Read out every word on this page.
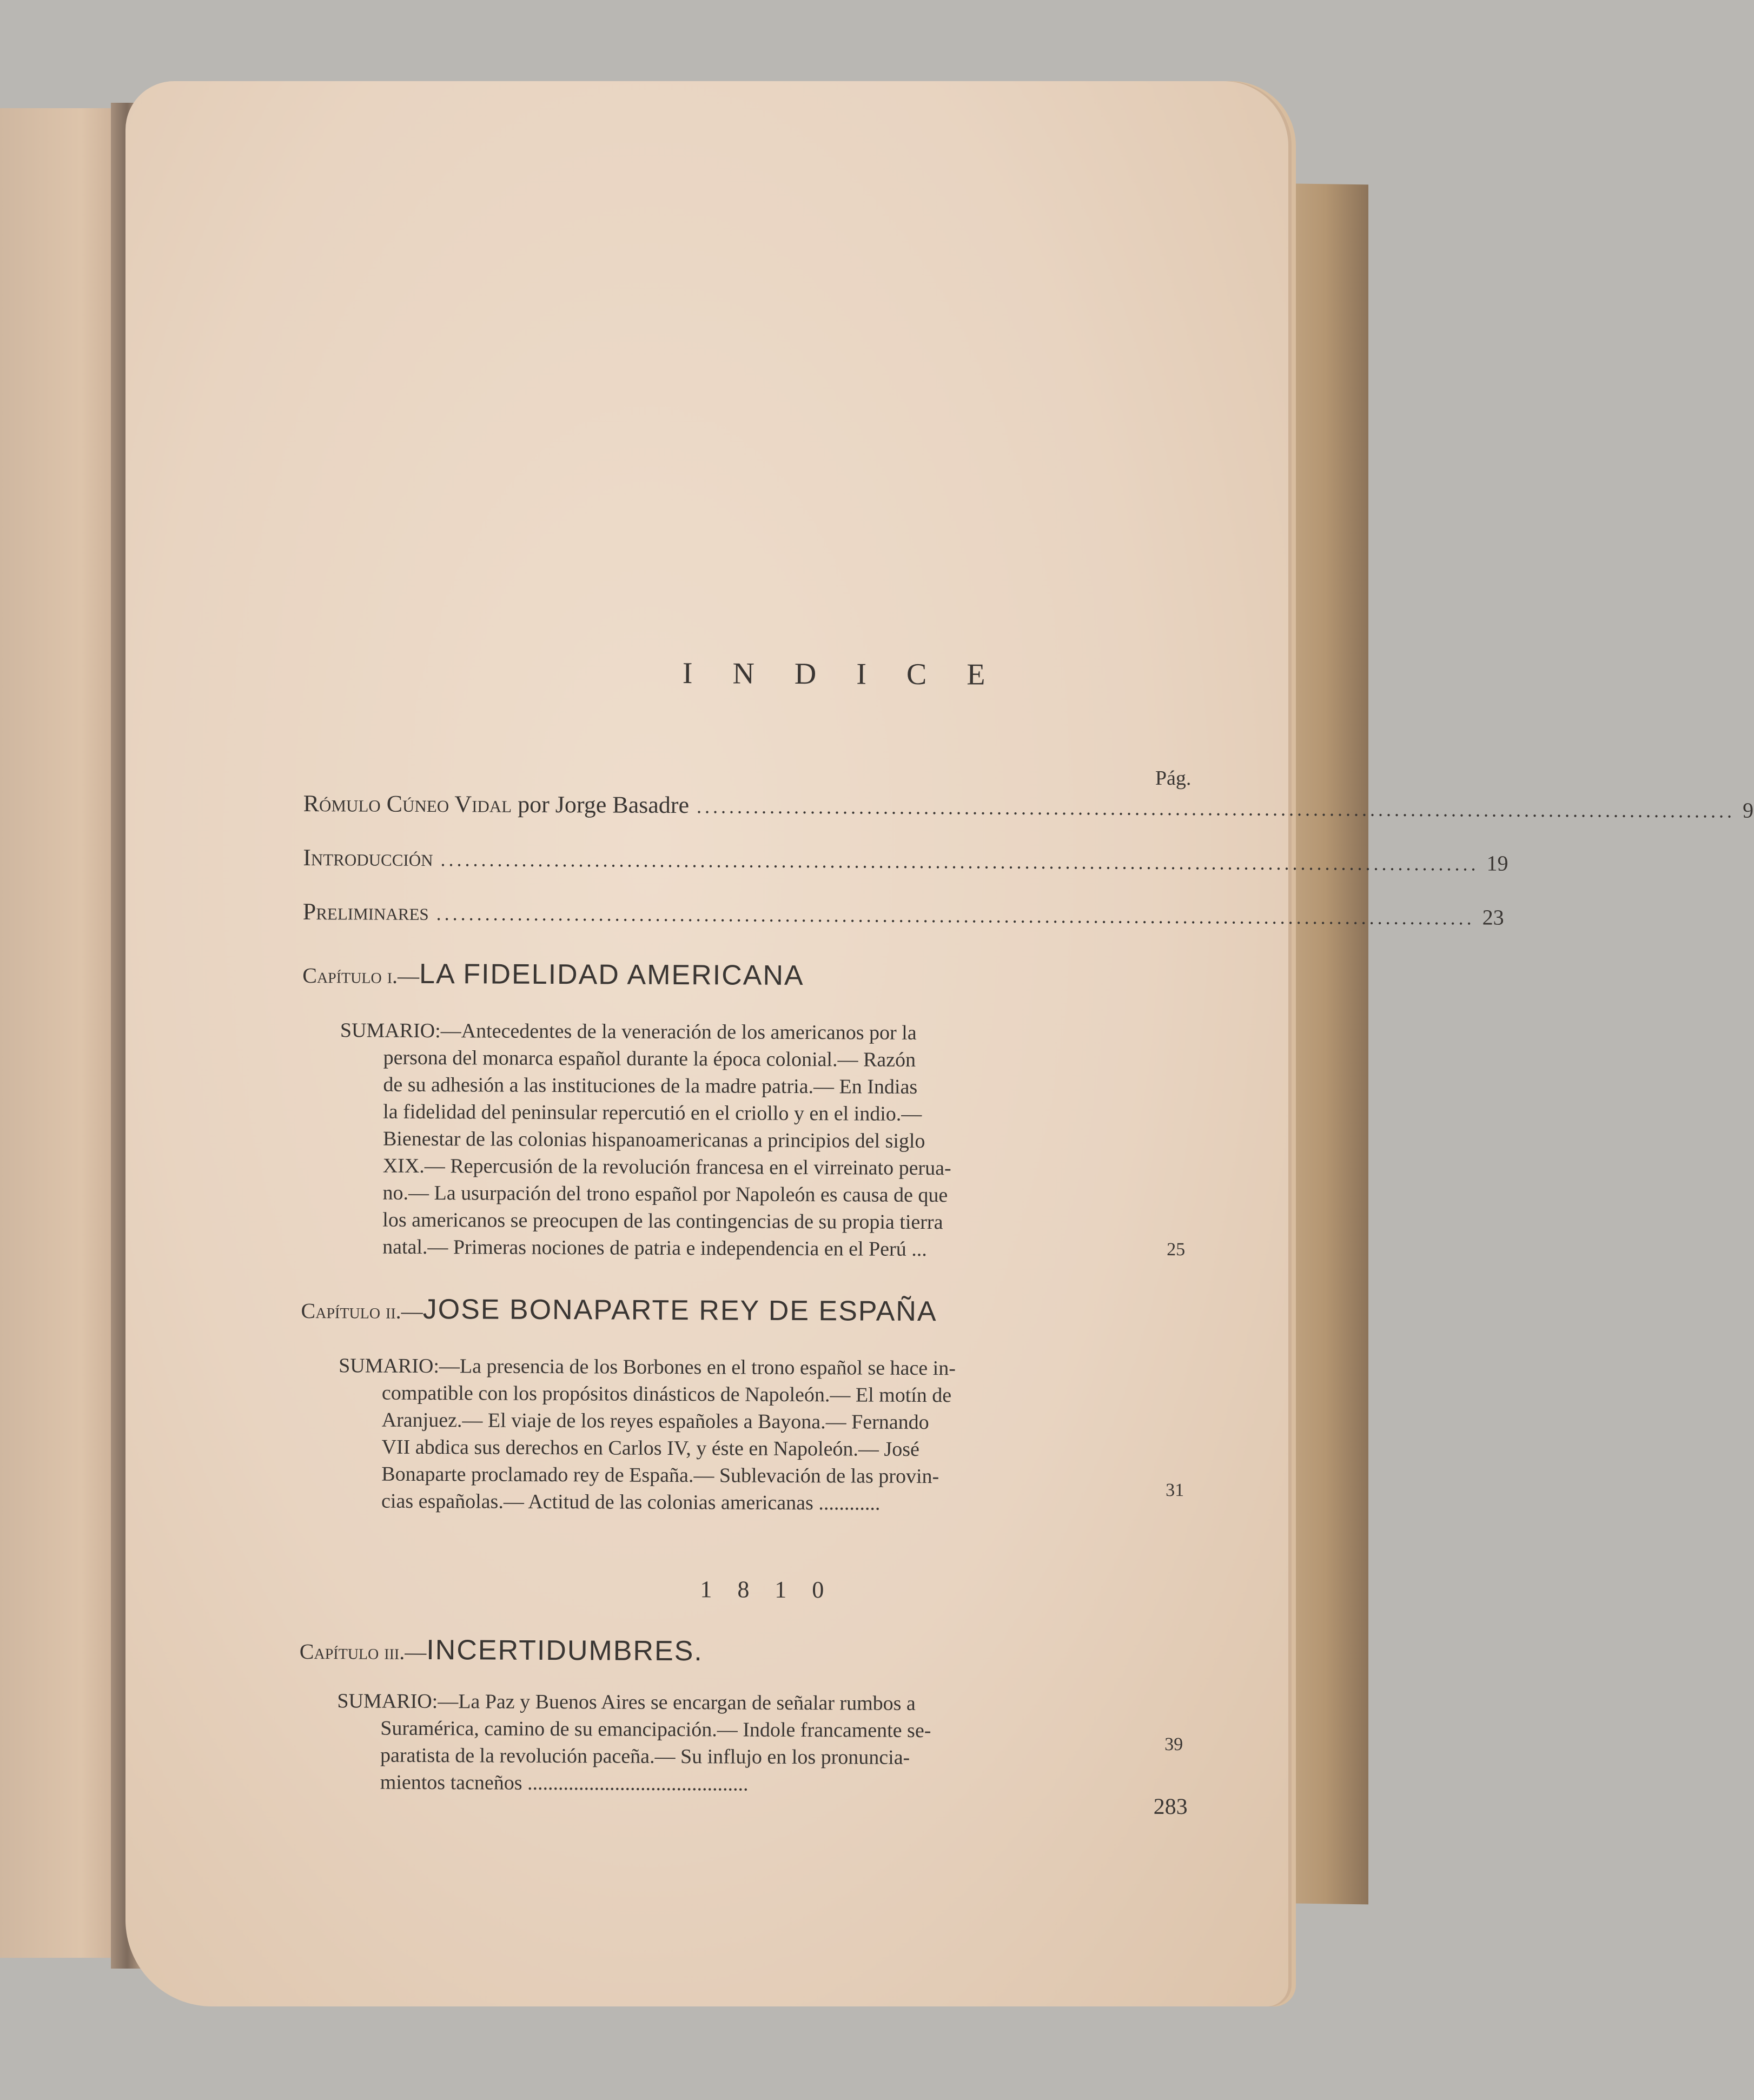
I N D I C E
Pág.
Rómulo Cúneo Vidal por Jorge Basadre ................................................................................................................................ 9
Introducción ................................................................................................................................ 19
Preliminares ................................................................................................................................ 23
Capítulo i.—LA FIDELIDAD AMERICANA

SUMARIO:—Antecedentes de la veneración de los americanos por la

persona del monarca español durante la época colonial.— Razón

de su adhesión a las instituciones de la madre patria.— En Indias

la fidelidad del peninsular repercutió en el criollo y en el indio.—

Bienestar de las colonias hispanoamericanas a principios del siglo

XIX.— Repercusión de la revolución francesa en el virreinato perua-

no.— La usurpación del trono español por Napoleón es causa de que

los americanos se preocupen de las contingencias de su propia tierra

natal.— Primeras nociones de patria e independencia en el Perú ...	25
Capítulo ii.—JOSE BONAPARTE REY DE ESPAÑA

SUMARIO:—La presencia de los Borbones en el trono español se hace in-

compatible con los propósitos dinásticos de Napoleón.— El motín de

Aranjuez.— El viaje de los reyes españoles a Bayona.— Fernando

VII abdica sus derechos en Carlos IV, y éste en Napoleón.— José

Bonaparte proclamado rey de España.— Sublevación de las provin-

cias españolas.— Actitud de las colonias americanas ............	31
1 8 1 0
Capítulo iii.—INCERTIDUMBRES.

SUMARIO:—La Paz y Buenos Aires se encargan de señalar rumbos a

Suramérica, camino de su emancipación.— Indole francamente se-

paratista de la revolución paceña.— Su influjo en los pronuncia-

mientos tacneños ...........................................

39
283
